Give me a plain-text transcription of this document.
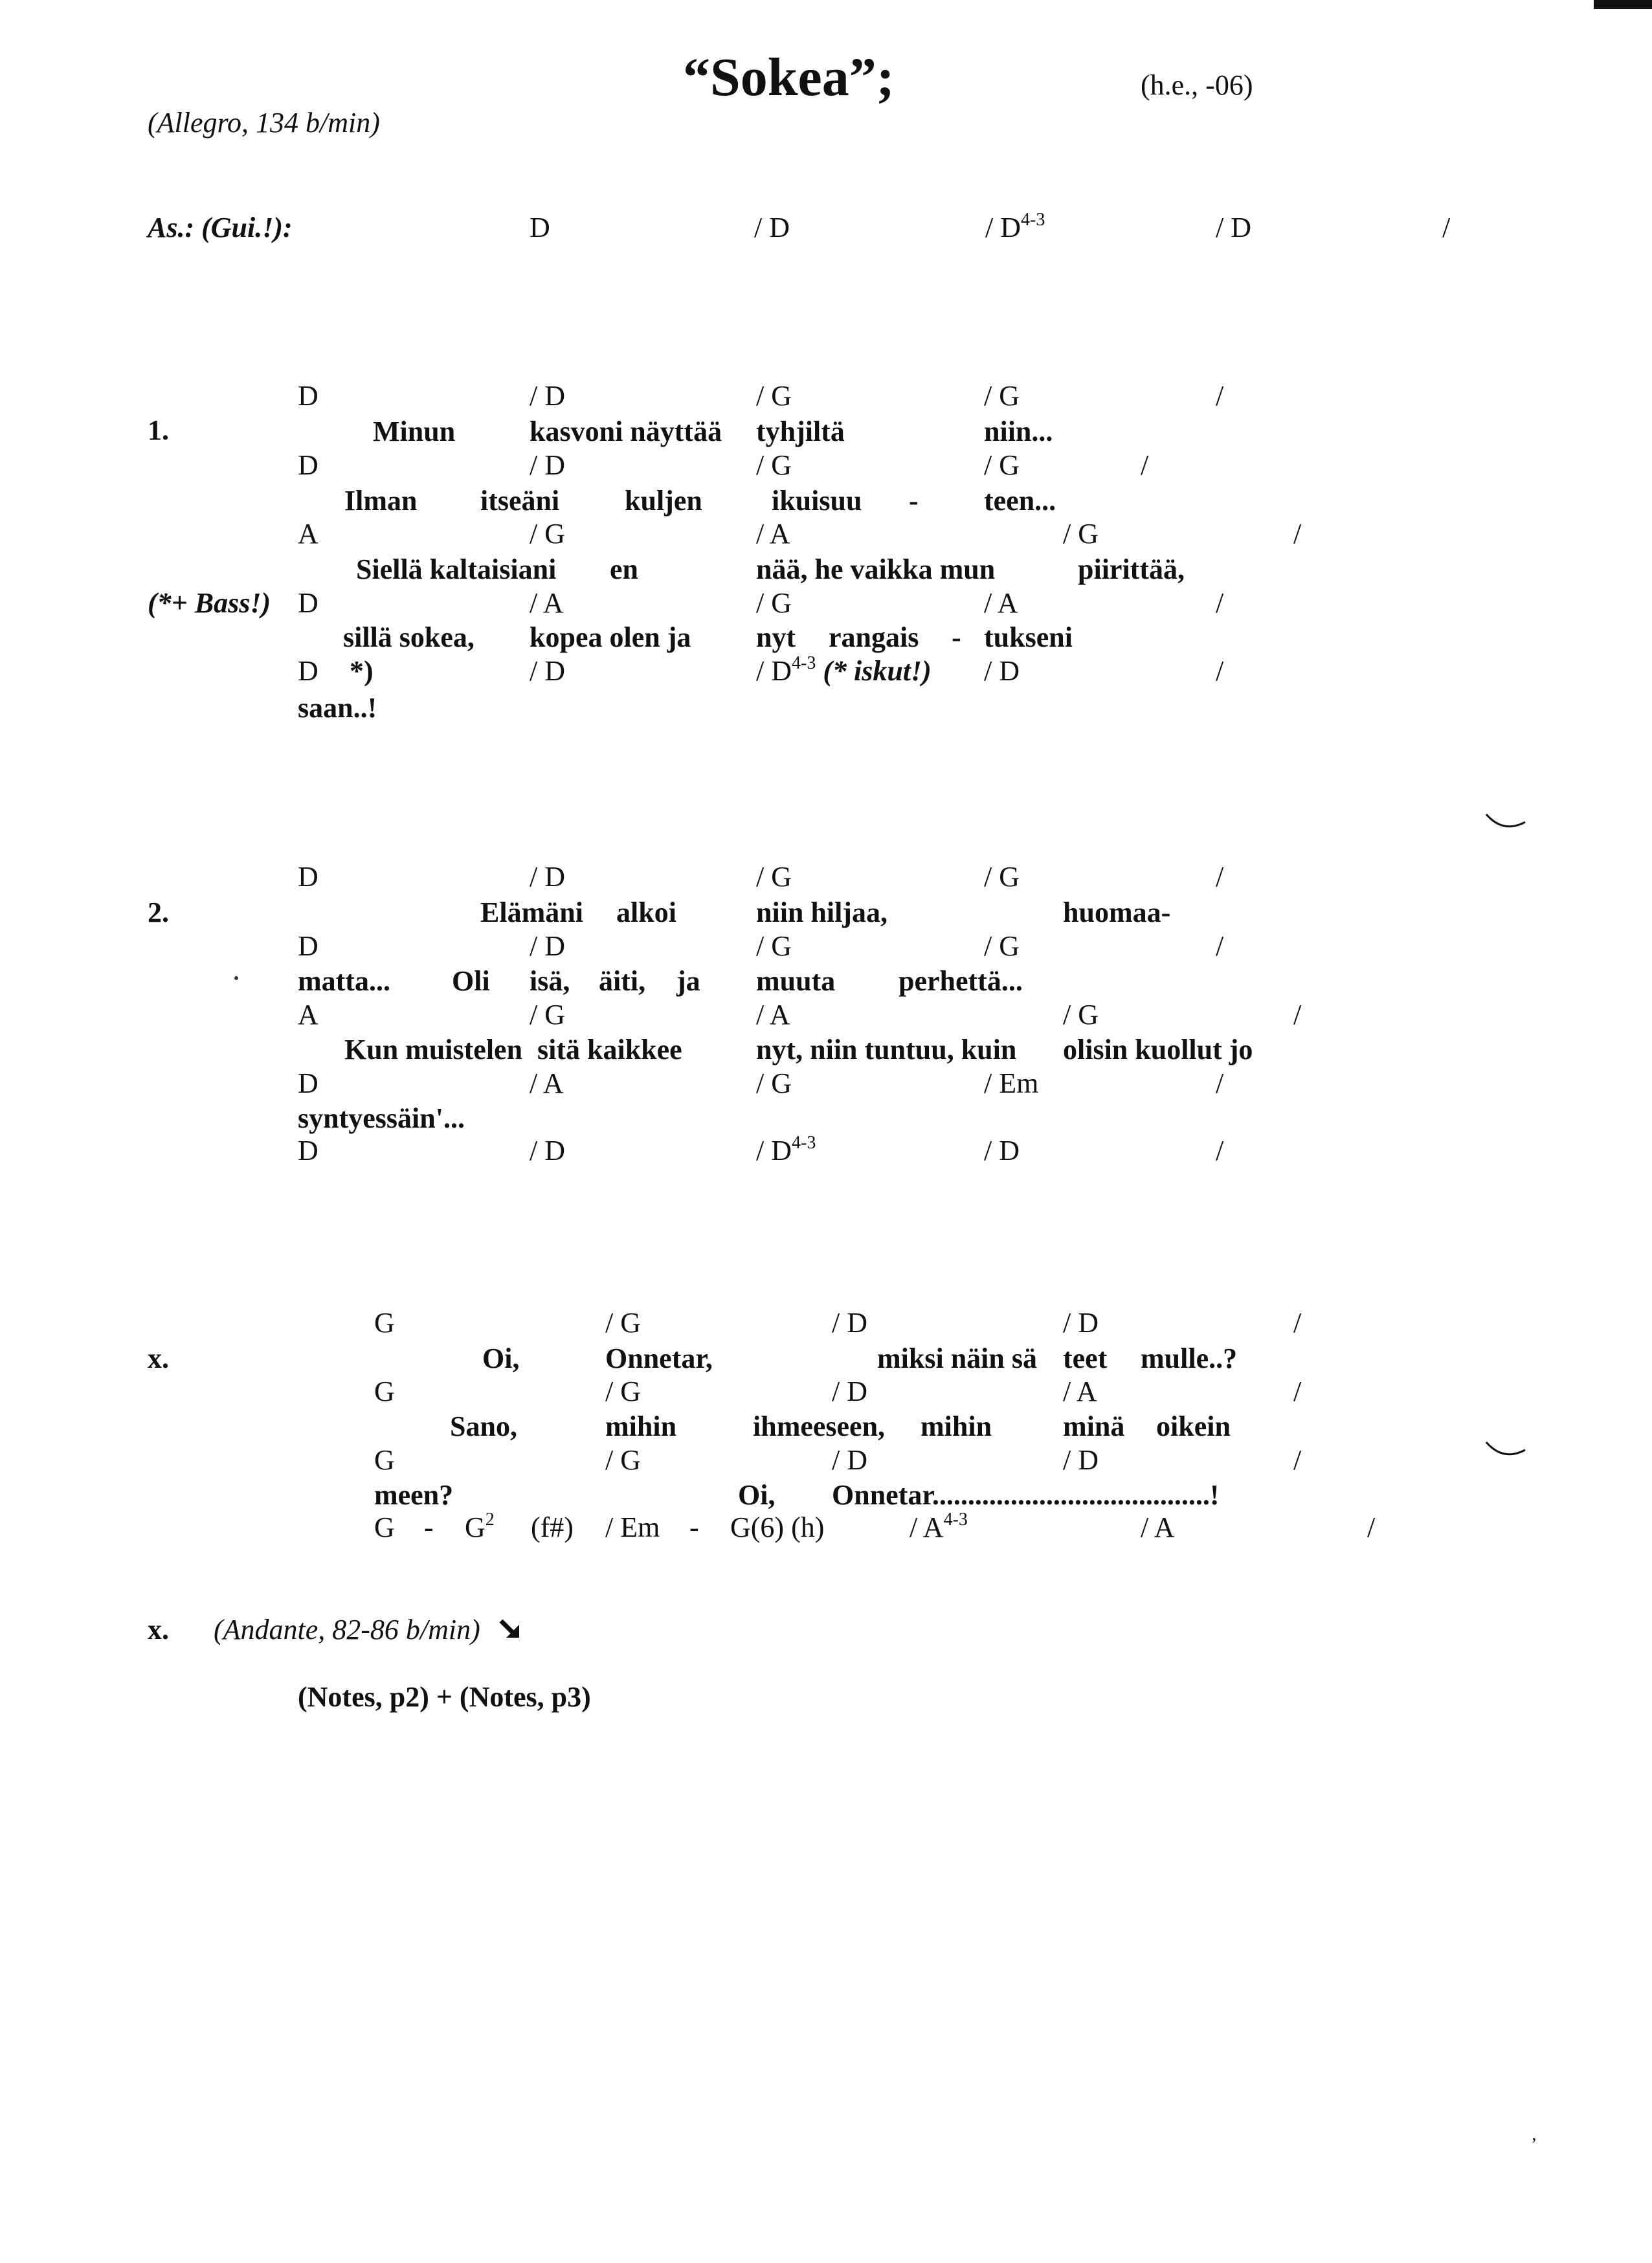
“Sokea”;
(Allegro, 134 b/min)
(h.e., -06)
As.: (Gui.!):	D	/ D	/ $D^{4-3}$	/ D	/
1.
D	/ D	/ G	/ G	/
Minun	kasvoni näyttää tyhjiltä	niin...
D	/ D	/ G	/ G	/
Ilman itseäni kuljen ikuisuu - teen...
A	/ G	/ A	/ G	/
Siellä kaltaisiani en	nää, he vaikka mun	piirittää,
(*+ Bass!) D	/ A	/ G	/ A	/
sillä sokea, kopea olen ja nyt rangais - tukseni
D *)	/ D	/ $D^{4-3}$ (* iskut!) / D	/
saan..!
2.
D	/ D	/ G	/ G	/
Elämäni alkoi	niin hiljaa,	huomaa-
D	/ D	/ G	/ G	/
matta... Oli isä, äiti, ja muuta perhettä...
A	/ G	/ A	/ G	/
Kun muistelen sitä kaikkee	nyt, niin tuntuu, kuin olisin kuollut jo
D	/ A	/ G	/ Em	/
syntyessäin'...
D	/ D	/ $D^{4-3}$	/ D	/
x.
G	/ G	/ D	/ D	/
Oi,	Onnetar,	miksi näin sä teet mulle..?
G	/ G	/ D	/ A	/
Sano,	mihin	ihmeeseen, mihin minä oikein
G	/ G	/ D	/ D	/
meen?	Oi, Onnetar.......................................!
G - $G^2$ (f#) / Em - G(6) (h)	/ $A^{4-3}$	/ A	/
x. (Andante, 82-86 b/min)
(Notes, p2) + (Notes, p3)
’
